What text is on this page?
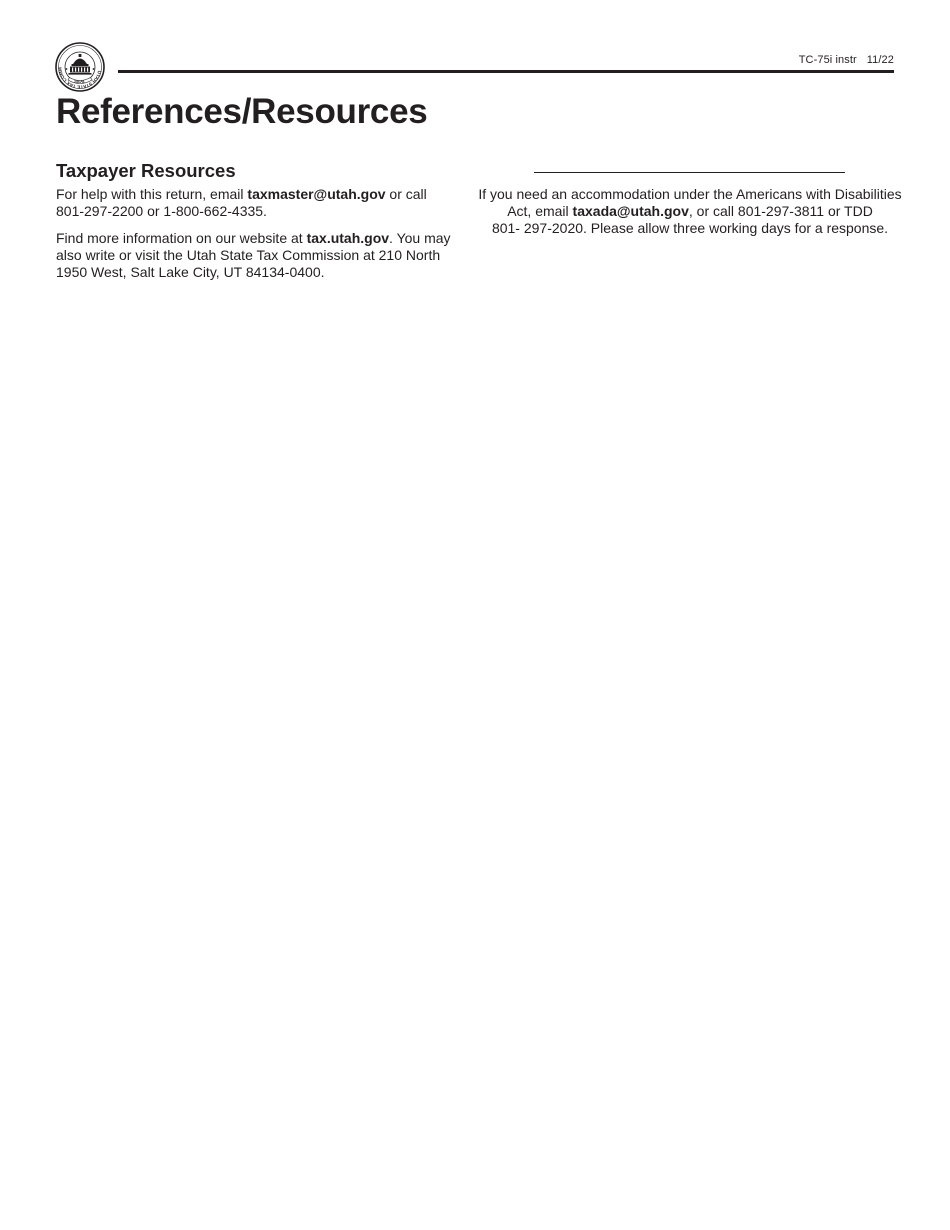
UTAH STATE TAX COMM
SEAL
TC-75i instr 11/22
References/Resources
Taxpayer Resources

For help with this return, email taxmaster@utah.gov or call 801-297-2200 or 1-800-662-4335.

Find more information on our website at tax.utah.gov. You may also write or visit the Utah State Tax Commission at 210 North 1950 West, Salt Lake City, UT 84134-0400.

If you need an accommodation under the Americans with Disabilities
Act, email taxada@utah.gov, or call 801-297-3811 or TDD
801- 297-2020. Please allow three working days for a response.
